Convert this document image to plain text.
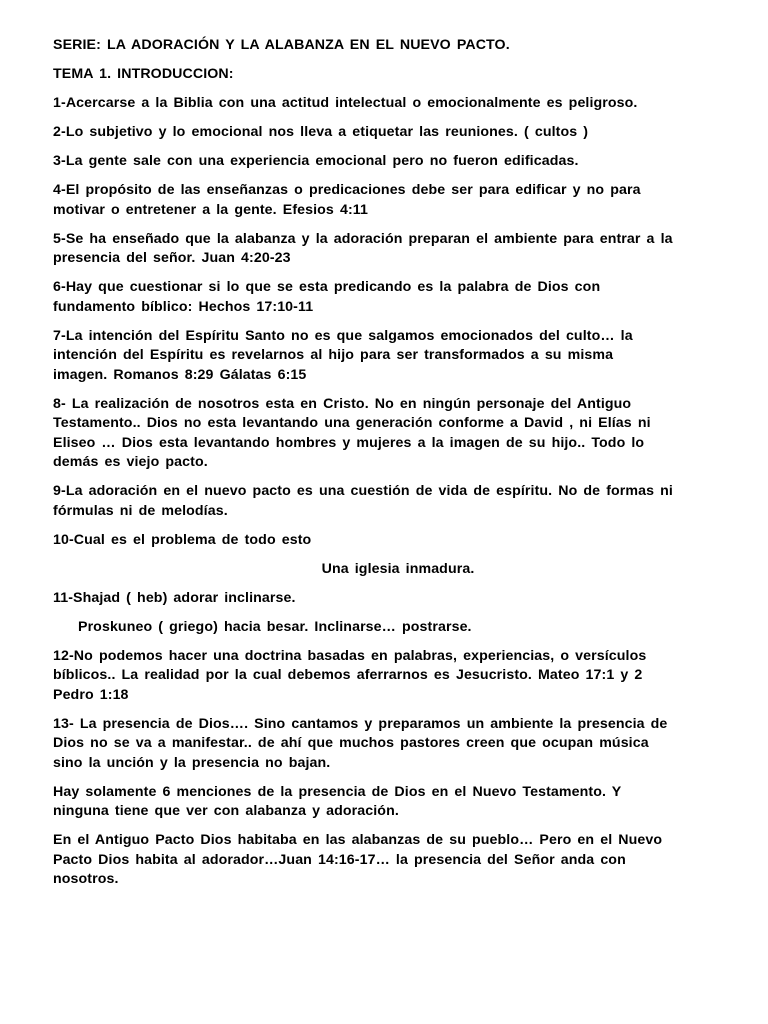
SERIE: LA ADORACIÓN Y LA ALABANZA EN EL NUEVO PACTO.

TEMA 1. INTRODUCCION:

1-Acercarse a la Biblia con una actitud intelectual o emocionalmente es peligroso.

2-Lo subjetivo y lo emocional nos lleva a etiquetar las reuniones. ( cultos )

3-La gente sale con una experiencia emocional pero no fueron edificadas.

4-El propósito de las enseñanzas o predicaciones debe ser para edificar y no para motivar o entretener a la gente. Efesios 4:11

5-Se ha enseñado que la alabanza y la adoración preparan el ambiente para entrar a la presencia del señor. Juan 4:20-23

6-Hay que cuestionar si lo que se esta predicando es la palabra de Dios con fundamento bíblico: Hechos 17:10-11

7-La intención del Espíritu Santo no es que salgamos emocionados del culto… la intención del Espíritu es revelarnos al hijo para ser transformados a su misma imagen. Romanos 8:29 Gálatas 6:15

8- La realización de nosotros esta en Cristo. No en ningún personaje del Antiguo Testamento.. Dios no esta levantando una generación conforme a David , ni Elías ni Eliseo … Dios esta levantando hombres y mujeres a la imagen de su hijo.. Todo lo demás es viejo pacto.

9-La adoración en el nuevo pacto es una cuestión de vida de espíritu. No de formas ni fórmulas ni de melodías.

10-Cual es el problema de todo esto

Una iglesia inmadura.

11-Shajad ( heb) adorar inclinarse.

Proskuneo ( griego) hacia besar. Inclinarse… postrarse.

12-No podemos hacer una doctrina basadas en palabras, experiencias, o versículos bíblicos.. La realidad por la cual debemos aferrarnos es Jesucristo. Mateo 17:1 y 2 Pedro 1:18

13- La presencia de Dios…. Sino cantamos y preparamos un ambiente la presencia de Dios no se va a manifestar.. de ahí que muchos pastores creen que ocupan música sino la unción y la presencia no bajan.

Hay solamente 6 menciones de la presencia de Dios en el Nuevo Testamento. Y ninguna tiene que ver con alabanza y adoración.

En el Antiguo Pacto Dios habitaba en las alabanzas de su pueblo… Pero en el Nuevo Pacto Dios habita al adorador…Juan 14:16-17… la presencia del Señor anda con nosotros.
